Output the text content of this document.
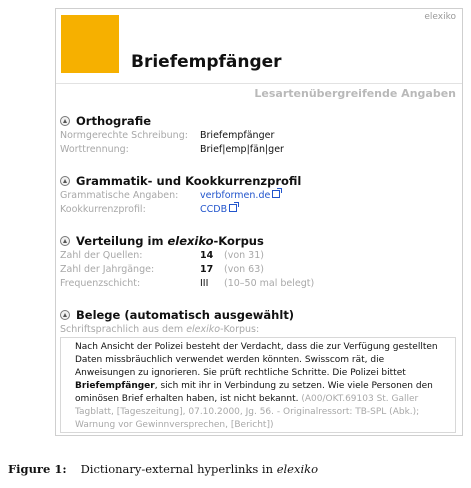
elexiko
Briefempfänger
Lesartenübergreifende Angaben
Orthografie
Normgerechte Schreibung:	Briefempfänger
Worttrennung:	Brief|emp|fän|ger
Grammatik- und Kookkurrenzprofil
Grammatische Angaben:	verbformen.de
Kookkurrenzprofil:	CCDB
Verteilung im elexiko-Korpus
Zahl der Quellen:	14 (von 31)
Zahl der Jahrgänge:	17 (von 63)
Frequenzschicht:	III (10–50 mal belegt)
Belege (automatisch ausgewählt)
Schriftsprachlich aus dem elexiko-Korpus:
Nach Ansicht der Polizei besteht der Verdacht, dass die zur Verfügung gestellten Daten missbräuchlich verwendet werden könnten. Swisscom rät, die Anweisungen zu ignorieren. Sie prüft rechtliche Schritte. Die Polizei bittet Briefempfänger, sich mit ihr in Verbindung zu setzen. Wie viele Personen den ominösen Brief erhalten haben, ist nicht bekannt. (A00/OKT.69103 St. Galler Tagblatt, [Tageszeitung], 07.10.2000, Jg. 56. - Originalressort: TB-SPL (Abk.); Warnung vor Gewinnversprechen, [Bericht])
Figure 1: Dictionary-external hyperlinks in elexiko
